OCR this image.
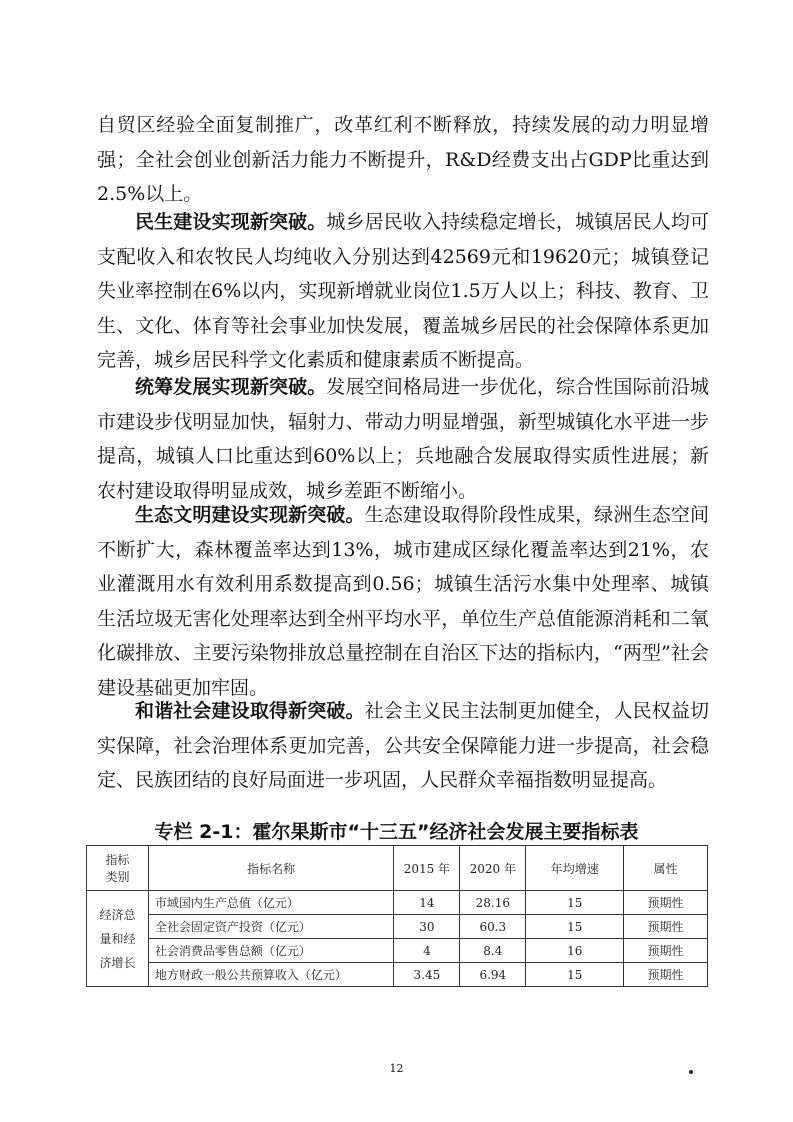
自贸区经验全面复制推广，改革红利不断释放，持续发展的动力明显增强；全社会创业创新活力能力不断提升，R&D经费支出占GDP比重达到2.5%以上。

民生建设实现新突破。城乡居民收入持续稳定增长，城镇居民人均可支配收入和农牧民人均纯收入分别达到42569元和19620元；城镇登记失业率控制在6%以内，实现新增就业岗位1.5万人以上；科技、教育、卫生、文化、体育等社会事业加快发展，覆盖城乡居民的社会保障体系更加完善，城乡居民科学文化素质和健康素质不断提高。

统筹发展实现新突破。发展空间格局进一步优化，综合性国际前沿城市建设步伐明显加快，辐射力、带动力明显增强，新型城镇化水平进一步提高，城镇人口比重达到60%以上；兵地融合发展取得实质性进展；新农村建设取得明显成效，城乡差距不断缩小。

生态文明建设实现新突破。生态建设取得阶段性成果，绿洲生态空间不断扩大，森林覆盖率达到13%，城市建成区绿化覆盖率达到21%，农业灌溉用水有效利用系数提高到0.56；城镇生活污水集中处理率、城镇生活垃圾无害化处理率达到全州平均水平，单位生产总值能源消耗和二氧化碳排放、主要污染物排放总量控制在自治区下达的指标内，“两型”社会建设基础更加牢固。

和谐社会建设取得新突破。社会主义民主法制更加健全，人民权益切实保障，社会治理体系更加完善，公共安全保障能力进一步提高，社会稳定、民族团结的良好局面进一步巩固，人民群众幸福指数明显提高。

专栏 2-1：霍尔果斯市“十三五”经济社会发展主要指标表
指标
类别	指标名称	2015 年	2020 年	年均增速	属性
经济总
量和经
济增长	市域国内生产总值（亿元）	14	28.16	15	预期性
	全社会固定资产投资（亿元）	30	60.3	15	预期性
	社会消费品零售总额（亿元）	4	8.4	16	预期性
	地方财政一般公共预算收入（亿元）	3.45	6.94	15	预期性
12
